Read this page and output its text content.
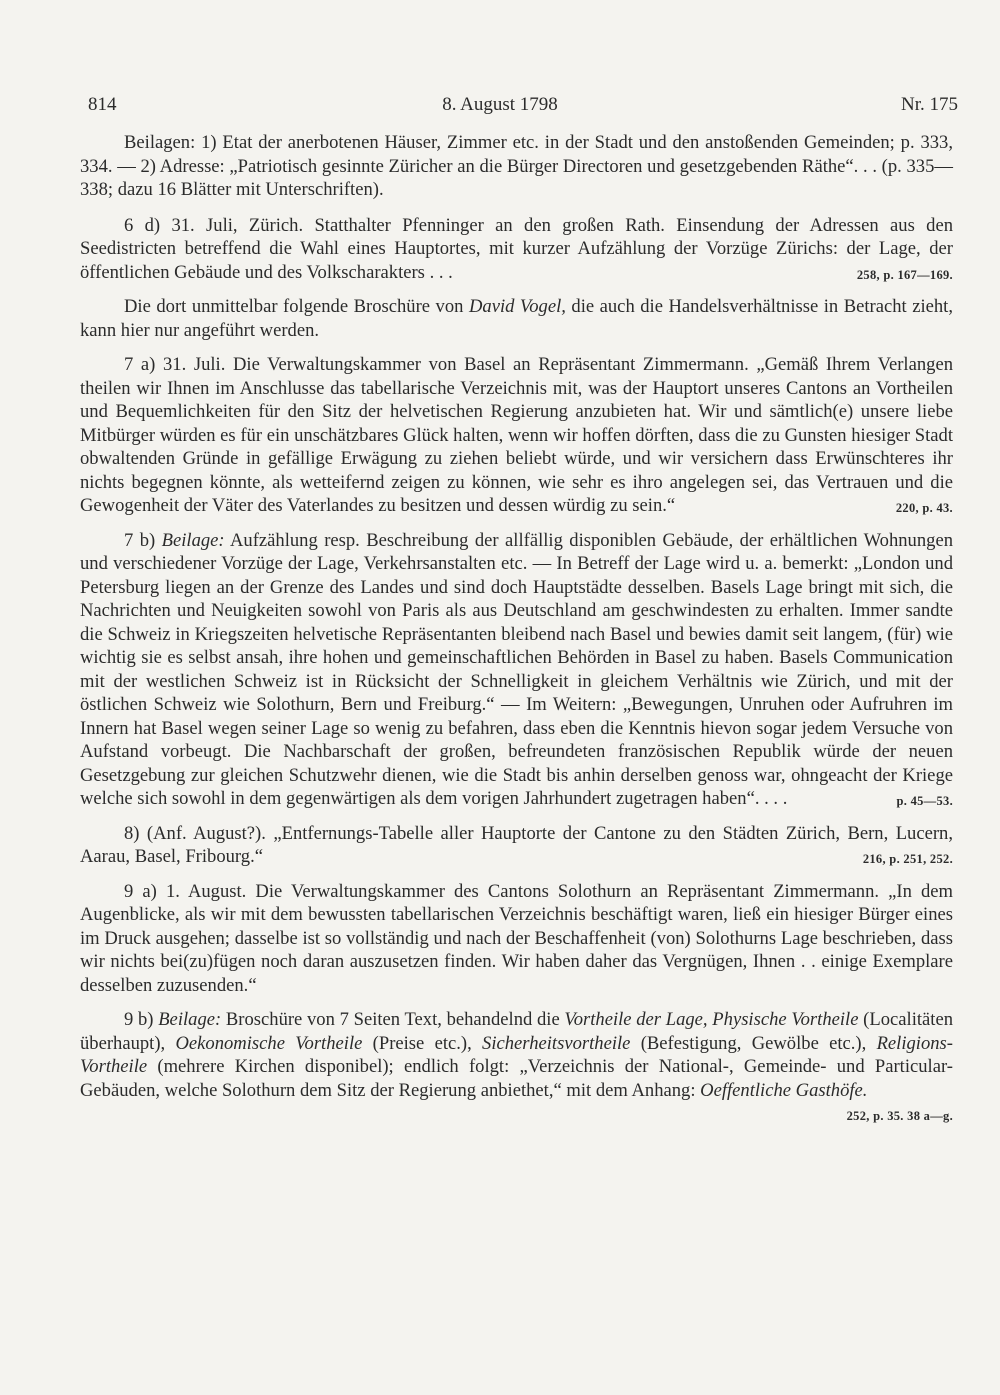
814	8. August 1798	Nr. 175

Beilagen: 1) Etat der anerbotenen Häuser, Zimmer etc. in der Stadt und den anstoßenden Gemeinden; p. 333, 334. — 2) Adresse: „Patriotisch gesinnte Züricher an die Bürger Directoren und gesetzgebenden Räthe“. . . (p. 335—338; dazu 16 Blätter mit Unterschriften).

6 d) 31. Juli, Zürich. Statthalter Pfenninger an den großen Rath. Einsendung der Adressen aus den Seedistricten betreffend die Wahl eines Hauptortes, mit kurzer Aufzählung der Vorzüge Zürichs: der Lage, der öffentlichen Gebäude und des Volkscharakters . . .	258, p. 167—169.

Die dort unmittelbar folgende Broschüre von David Vogel, die auch die Handelsverhältnisse in Betracht zieht, kann hier nur angeführt werden.

7 a) 31. Juli. Die Verwaltungskammer von Basel an Repräsentant Zimmermann. „Gemäß Ihrem Verlangen theilen wir Ihnen im Anschlusse das tabellarische Verzeichnis mit, was der Hauptort unseres Cantons an Vortheilen und Bequemlichkeiten für den Sitz der helvetischen Regierung anzubieten hat. Wir und sämtlich(e) unsere liebe Mitbürger würden es für ein unschätzbares Glück halten, wenn wir hoffen dörften, dass die zu Gunsten hiesiger Stadt obwaltenden Gründe in gefällige Erwägung zu ziehen beliebt würde, und wir versichern dass Erwünschteres ihr nichts begegnen könnte, als wetteifernd zeigen zu können, wie sehr es ihro angelegen sei, das Vertrauen und die Gewogenheit der Väter des Vaterlandes zu besitzen und dessen würdig zu sein.“	220, p. 43.

7 b) Beilage: Aufzählung resp. Beschreibung der allfällig disponiblen Gebäude, der erhältlichen Wohnungen und verschiedener Vorzüge der Lage, Verkehrsanstalten etc. — In Betreff der Lage wird u. a. bemerkt: „London und Petersburg liegen an der Grenze des Landes und sind doch Hauptstädte desselben. Basels Lage bringt mit sich, die Nachrichten und Neuigkeiten sowohl von Paris als aus Deutschland am geschwindesten zu erhalten. Immer sandte die Schweiz in Kriegszeiten helvetische Repräsentanten bleibend nach Basel und bewies damit seit langem, (für) wie wichtig sie es selbst ansah, ihre hohen und gemeinschaftlichen Behörden in Basel zu haben. Basels Communication mit der westlichen Schweiz ist in Rücksicht der Schnelligkeit in gleichem Verhältnis wie Zürich, und mit der östlichen Schweiz wie Solothurn, Bern und Freiburg.“ — Im Weitern: „Bewegungen, Unruhen oder Aufruhren im Innern hat Basel wegen seiner Lage so wenig zu befahren, dass eben die Kenntnis hievon sogar jedem Versuche von Aufstand vorbeugt. Die Nachbarschaft der großen, befreundeten französischen Republik würde der neuen Gesetzgebung zur gleichen Schutzwehr dienen, wie die Stadt bis anhin derselben genoss war, ohngeacht der Kriege welche sich sowohl in dem gegenwärtigen als dem vorigen Jahrhundert zugetragen haben“. . . .	p. 45—53.

8) (Anf. August?). „Entfernungs-Tabelle aller Hauptorte der Cantone zu den Städten Zürich, Bern, Lucern, Aarau, Basel, Fribourg.“	216, p. 251, 252.

9 a) 1. August. Die Verwaltungskammer des Cantons Solothurn an Repräsentant Zimmermann. „In dem Augenblicke, als wir mit dem bewussten tabellarischen Verzeichnis beschäftigt waren, ließ ein hiesiger Bürger eines im Druck ausgehen; dasselbe ist so vollständig und nach der Beschaffenheit (von) Solothurns Lage beschrieben, dass wir nichts bei(zu)fügen noch daran auszusetzen finden. Wir haben daher das Vergnügen, Ihnen . . einige Exemplare desselben zuzusenden.“

9 b) Beilage: Broschüre von 7 Seiten Text, behandelnd die Vortheile der Lage, Physische Vortheile (Localitäten überhaupt), Oekonomische Vortheile (Preise etc.), Sicherheitsvortheile (Befestigung, Gewölbe etc.), Religions-Vortheile (mehrere Kirchen disponibel); endlich folgt: „Verzeichnis der National-, Gemeinde- und Particular-Gebäuden, welche Solothurn dem Sitz der Regierung anbiethet,“ mit dem Anhang: Oeffentliche Gasthöfe.
252, p. 35. 38 a—g.
